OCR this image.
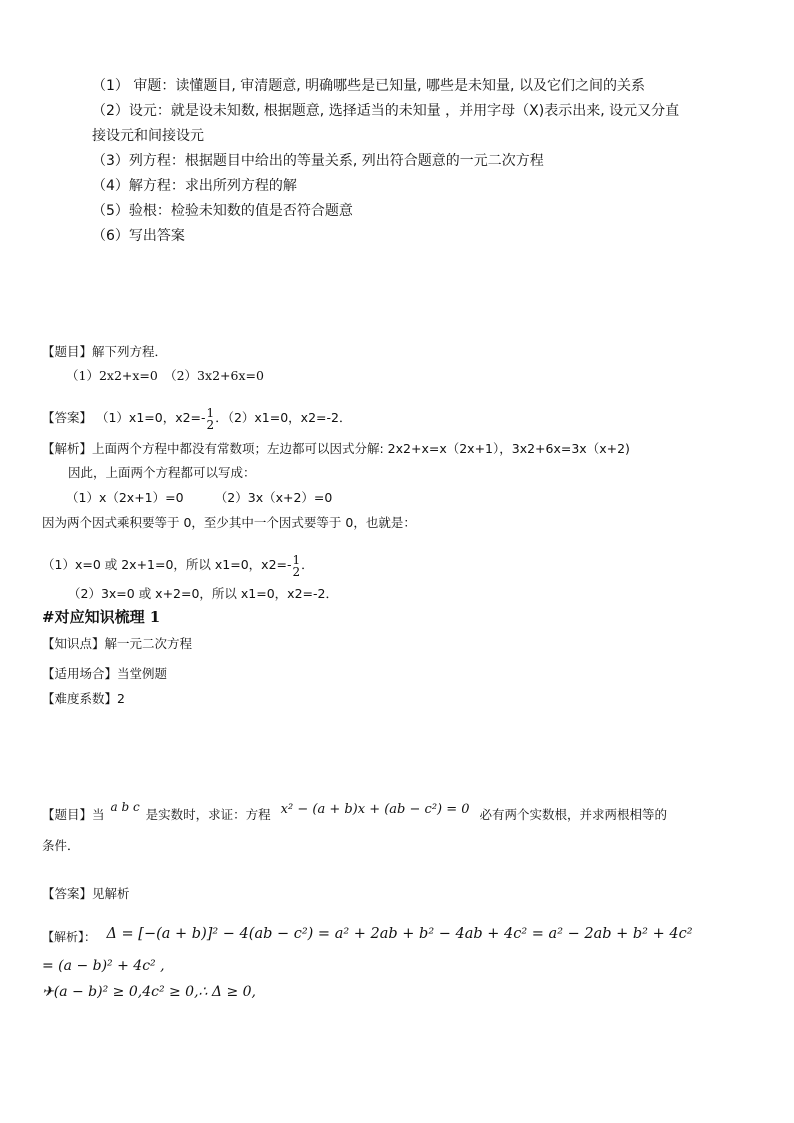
（1） 审题：读懂题目, 审清题意, 明确哪些是已知量, 哪些是未知量, 以及它们之间的关系
（2）设元：就是设未知数, 根据题意, 选择适当的未知量 ，并用字母（X)表示出来, 设元又分直
接设元和间接设元
（3）列方程：根据题目中给出的等量关系, 列出符合题意的一元二次方程
（4）解方程：求出所列方程的解
（5）验根：检验未知数的值是否符合题意
（6）写出答案
【题目】解下列方程．
（1）2x2+x=0　（2）3x2+6x=0
【答案】 （1）x1=0，x2=- 1
2 ．（2）x1=0，x2=-2．
【解析】上面两个方程中都没有常数项；左边都可以因式分解: 2x2+x=x（2x+1），3x2+6x=3x（x+2)
因此，上面两个方程都可以写成：
（1）x（2x+1）=0　　　（2）3x（x+2）=0
因为两个因式乘积要等于 0，至少其中一个因式要等于 0，也就是：
（1）x=0 或 2x+1=0，所以 x1=0，x2=- 1
2 ．
（2）3x=0 或 x+2=0，所以 x1=0，x2=-2．
#对应知识梳理 1
【知识点】解一元二次方程
【适用场合】当堂例题
【难度系数】2
【题目】当 a b c 是实数时，求证：方程 x² − (a + b)x + (ab − c²) = 0 必有两个实数根，并求两根相等的
条件．
【答案】见解析
【解析】： Δ = [−(a + b)]² − 4(ab − c²) = a² + 2ab + b² − 4ab + 4c² = a² − 2ab + b² + 4c²
= (a − b)² + 4c² ,
✈(a − b)² ≥ 0,4c² ≥ 0,∴ Δ ≥ 0,
